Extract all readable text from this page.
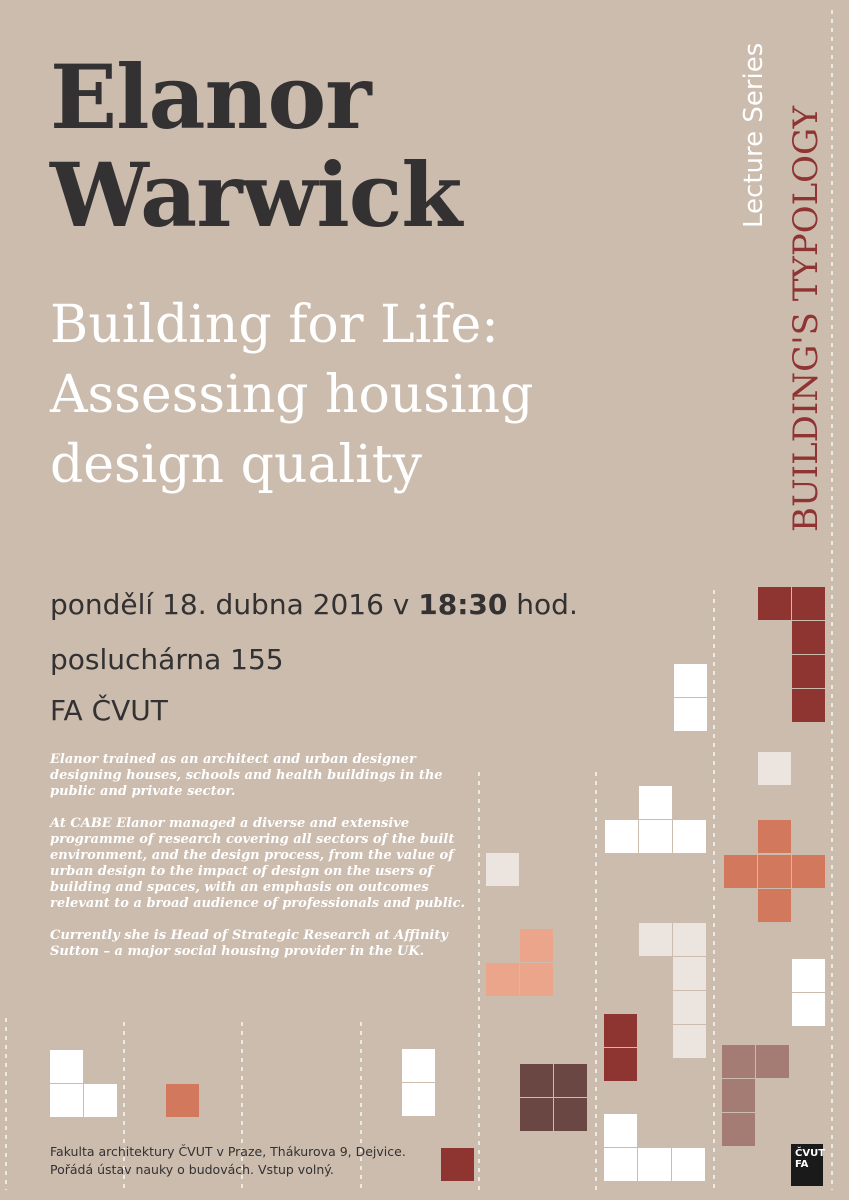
Elanor
Warwick
Building for Life:
Assessing housing
design quality
pondělí 18. dubna 2016 v 18:30 hod.
posluchárna 155
FA ČVUT

Elanor trained as an architect and urban designer designing houses, schools and health buildings in the public and private sector.

At CABE Elanor managed a diverse and extensive programme of research covering all sectors of the built environment, and the design process, from the value of urban design to the impact of design on the users of building and spaces, with an emphasis on outcomes relevant to a broad audience of professionals and public.

Currently she is Head of Strategic Research at Affinity Sutton – a major social housing provider in the UK.

Lecture Series BUILDING'S TYPOLOGY
Fakulta architektury ČVUT v Praze, Thákurova 9, Dejvice.
Pořádá ústav nauky o budovách. Vstup volný.
ČVUT
FA
